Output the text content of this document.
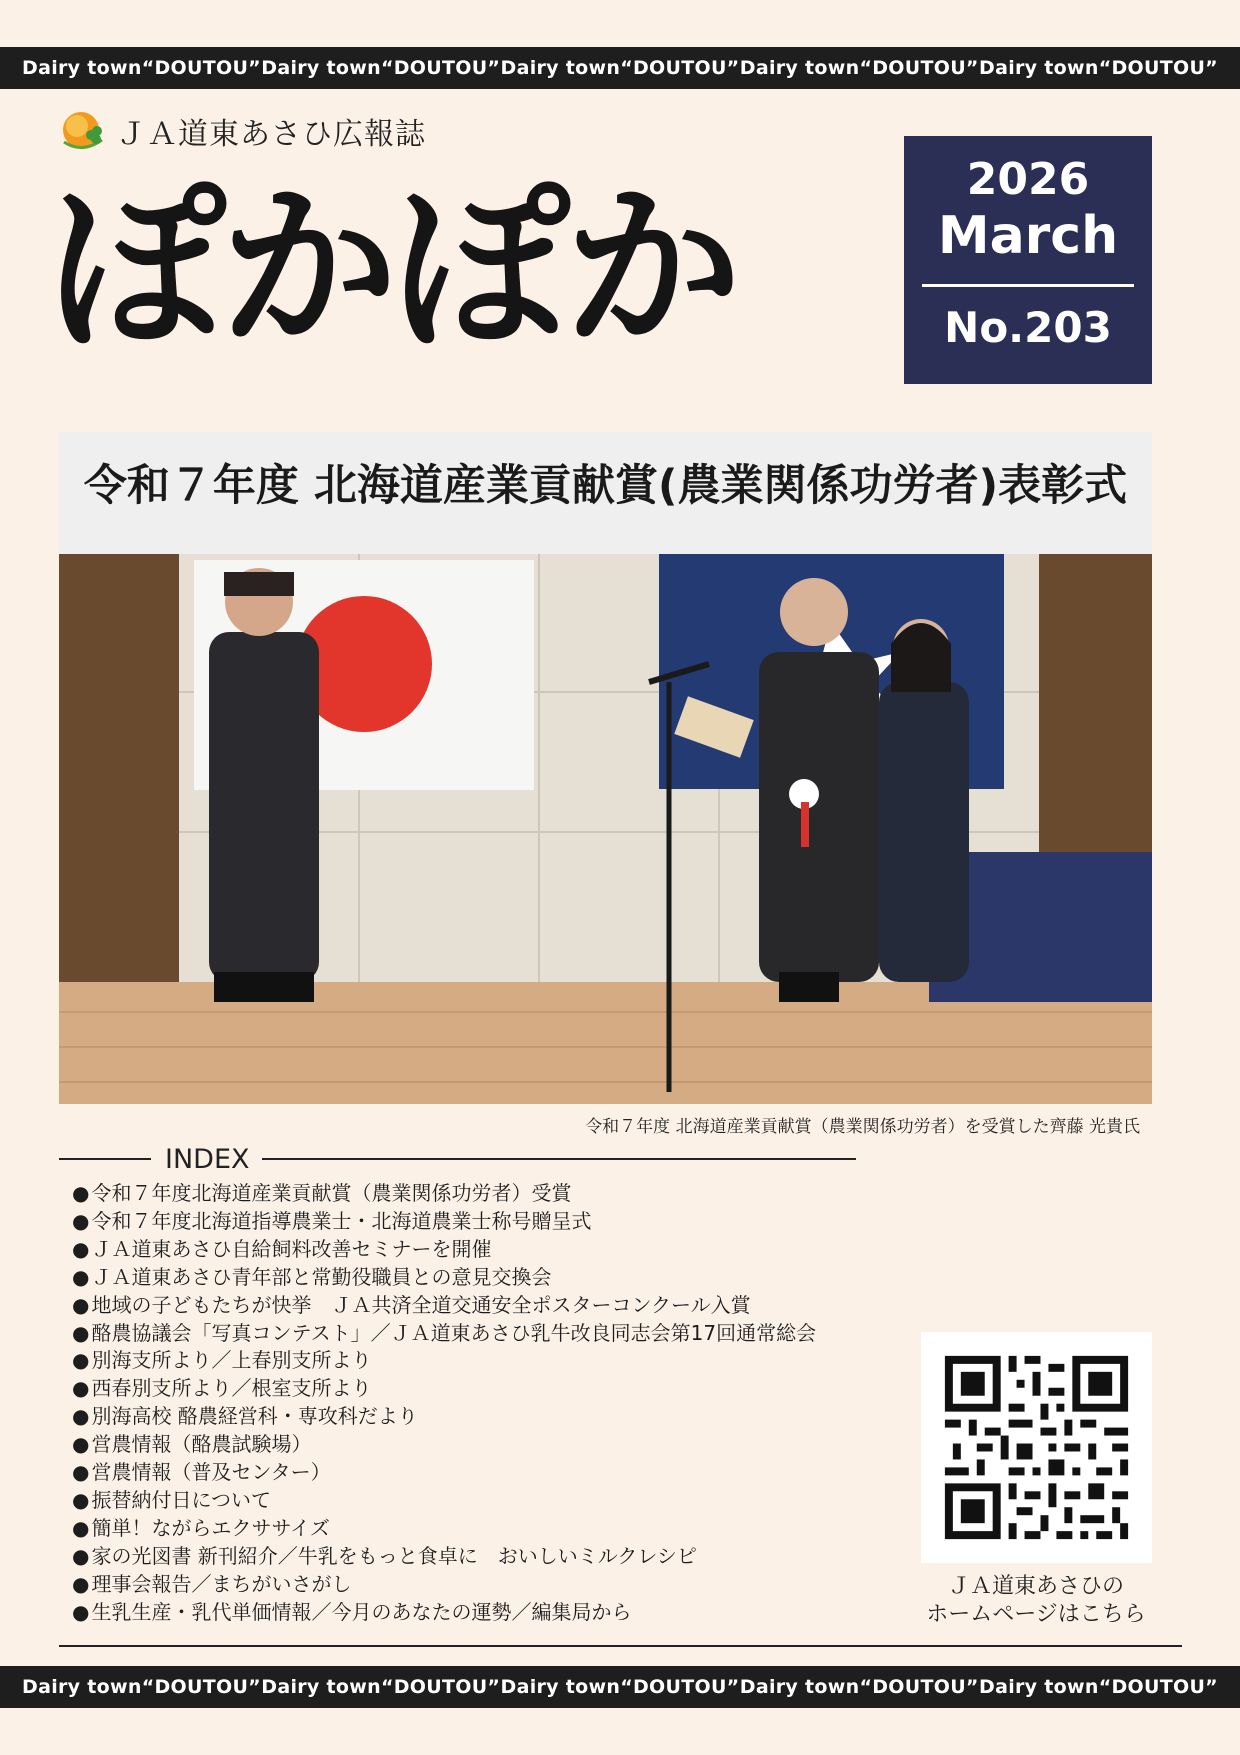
Dairy town“DOUTOU” Dairy town“DOUTOU” Dairy town“DOUTOU” Dairy town“DOUTOU” Dairy town“DOUTOU”
ＪＡ道東あさひ広報誌
ぽかぽか	2026
March
No.203
令和７年度 北海道産業貢献賞(農業関係功労者)表彰式
令和７年度 北海道産業貢献賞（農業関係功労者）を受賞した齊藤 光貴氏
INDEX
● 令和７年度北海道産業貢献賞（農業関係功労者）受賞
● 令和７年度北海道指導農業士・北海道農業士称号贈呈式
● ＪＡ道東あさひ自給飼料改善セミナーを開催
● ＪＡ道東あさひ青年部と常勤役職員との意見交換会
● 地域の子どもたちが快挙　ＪＡ共済全道交通安全ポスターコンクール入賞
● 酪農協議会「写真コンテスト」／ＪＡ道東あさひ乳牛改良同志会第17回通常総会
● 別海支所より／上春別支所より
● 西春別支所より／根室支所より
● 別海高校 酪農経営科・専攻科だより
● 営農情報（酪農試験場）
● 営農情報（普及センター）
● 振替納付日について
● 簡単！ながらエクササイズ
● 家の光図書 新刊紹介／牛乳をもっと食卓に　おいしいミルクレシピ
● 理事会報告／まちがいさがし
● 生乳生産・乳代単価情報／今月のあなたの運勢／編集局から
ＪＡ道東あさひの
ホームページはこちら
Dairy town“DOUTOU” Dairy town“DOUTOU” Dairy town“DOUTOU” Dairy town“DOUTOU” Dairy town“DOUTOU”
